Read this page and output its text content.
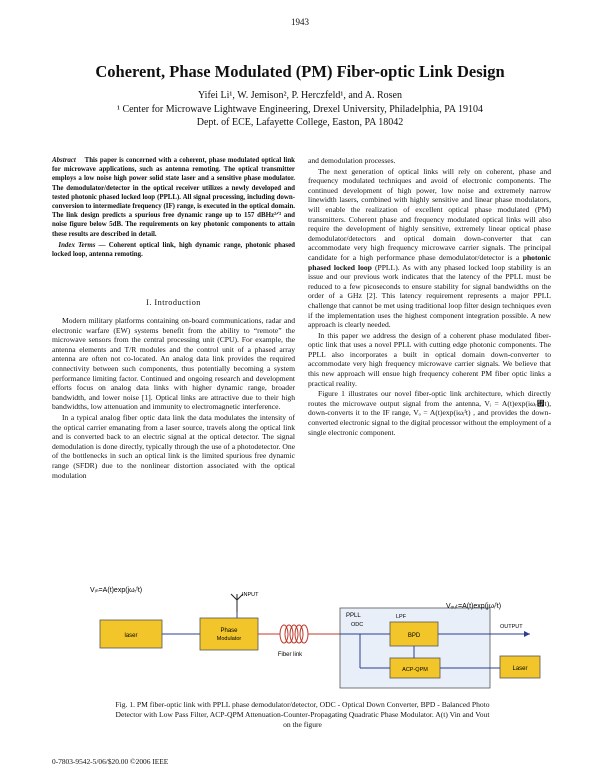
1943
Coherent, Phase Modulated (PM) Fiber-optic Link Design
Yifei Li¹, W. Jemison², P. Herczfeld¹, and A. Rosen
¹ Center for Microwave Lightwave Engineering, Drexel University, Philadelphia, PA 19104
Dept. of ECE, Lafayette College, Easton, PA 18042

Abstract This paper is concerned with a coherent, phase modulated optical link for microwave applications, such as antenna remoting. The optical transmitter employs a low noise high power solid state laser and a sensitive phase modulator. The demodulator/detector in the optical receiver utilizes a newly developed and tested photonic phased locked loop (PPLL). All signal processing, including down-conversion to intermediate frequency (IF) range, is executed in the optical domain. The link design predicts a spurious free dynamic range up to 157 dBHz²ᐟ³ and noise figure below 5dB. The requirements on key photonic components to attain these results are described in detail.

Index Terms — Coherent optical link, high dynamic range, photonic phased locked loop, antenna remoting.

I. Introduction

Modern military platforms containing on-board communications, radar and electronic warfare (EW) systems benefit from the ability to “remote” the microwave sensors from the central processing unit (CPU). For example, the antenna elements and T/R modules and the control unit of a phased array antenna are often not co-located. An analog data link provides the required connectivity between such components, thus potentially becoming a system performance limiting factor. Continued and ongoing research and development efforts focus on analog data links with higher dynamic range, broader bandwidth, and lower noise [1]. Optical links are attractive due to their high bandwidths, low attenuation and immunity to electromagnetic interference.

In a typical analog fiber optic data link the data modulates the intensity of the optical carrier emanating from a laser source, travels along the optical link and is converted back to an electric signal at the optical detector. The signal demodulation is done directly, typically through the use of a photodetector. One of the bottlenecks in such an optical link is the limited spurious free dynamic range (SFDR) due to the nonlinear distortion associated with the optical modulation

and demodulation processes.

The next generation of optical links will rely on coherent, phase and frequency modulated techniques and avoid of electronic components. The continued development of high power, low noise and extremely narrow linewidth lasers, combined with highly sensitive and linear phase modulators, will enable the realization of excellent optical phase modulated (PM) transmitters. Coherent phase and frequency modulated optical links will also require the development of highly sensitive, extremely linear optical phase demodulator/detectors and optical domain down-converter that can accommodate very high frequency microwave carrier signals. The principal candidate for a high performance phase demodulator/detector is a photonic phased locked loop (PPLL). As with any phased locked loop stability is an issue and our previous work indicates that the latency of the PPLL must be reduced to a few picoseconds to ensure stability for signal bandwidths on the order of a GHz [2]. This latency requirement represents a major PPLL challenge that cannot be met using traditional loop filter design techniques even if the implementation uses the highest component integration possible. A new approach is clearly needed.

In this paper we address the design of a coherent phase modulated fiber-optic link that uses a novel PPLL with cutting edge photonic components. The PPLL also incorporates a built in optical domain down-converter to accommodate very high frequency microwave carrier signals. We believe that this new approach will ensue high frequency coherent PM fiber optic links a practical reality.

Figure 1 illustrates our novel fiber-optic link architecture, which directly routes the microwave output signal from the antenna, Vᵢ = A(t)exp(iωᵣ₟t), down-converts it to the IF range, Vₒ = A(t)exp(iωᵢᶠt) , and provides the down-converted electronic signal to the digital processor without the employment of a single electronic component.

Vᵢₙ=A(t)exp(jωᵣᶠt)
INPUT
laser
Phase
Modulator
Fiber link
PPLL
ODC
BPD
LPF
ACP-QPM	Laser
OUTPUT
Vₒᵤₜ=A(t)exp(jωᵢᶠt)
Fig. 1. PM fiber-optic link with PPLL phase demodulator/detector, ODC - Optical Down Converter, BPD - Balanced Photo
Detector with Low Pass Filter, ACP-QPM Attenuation-Counter-Propagating Quadratic Phase Modulator. A(t) Vin and Vout
on the figure
0-7803-9542-5/06/$20.00 ©2006 IEEE
